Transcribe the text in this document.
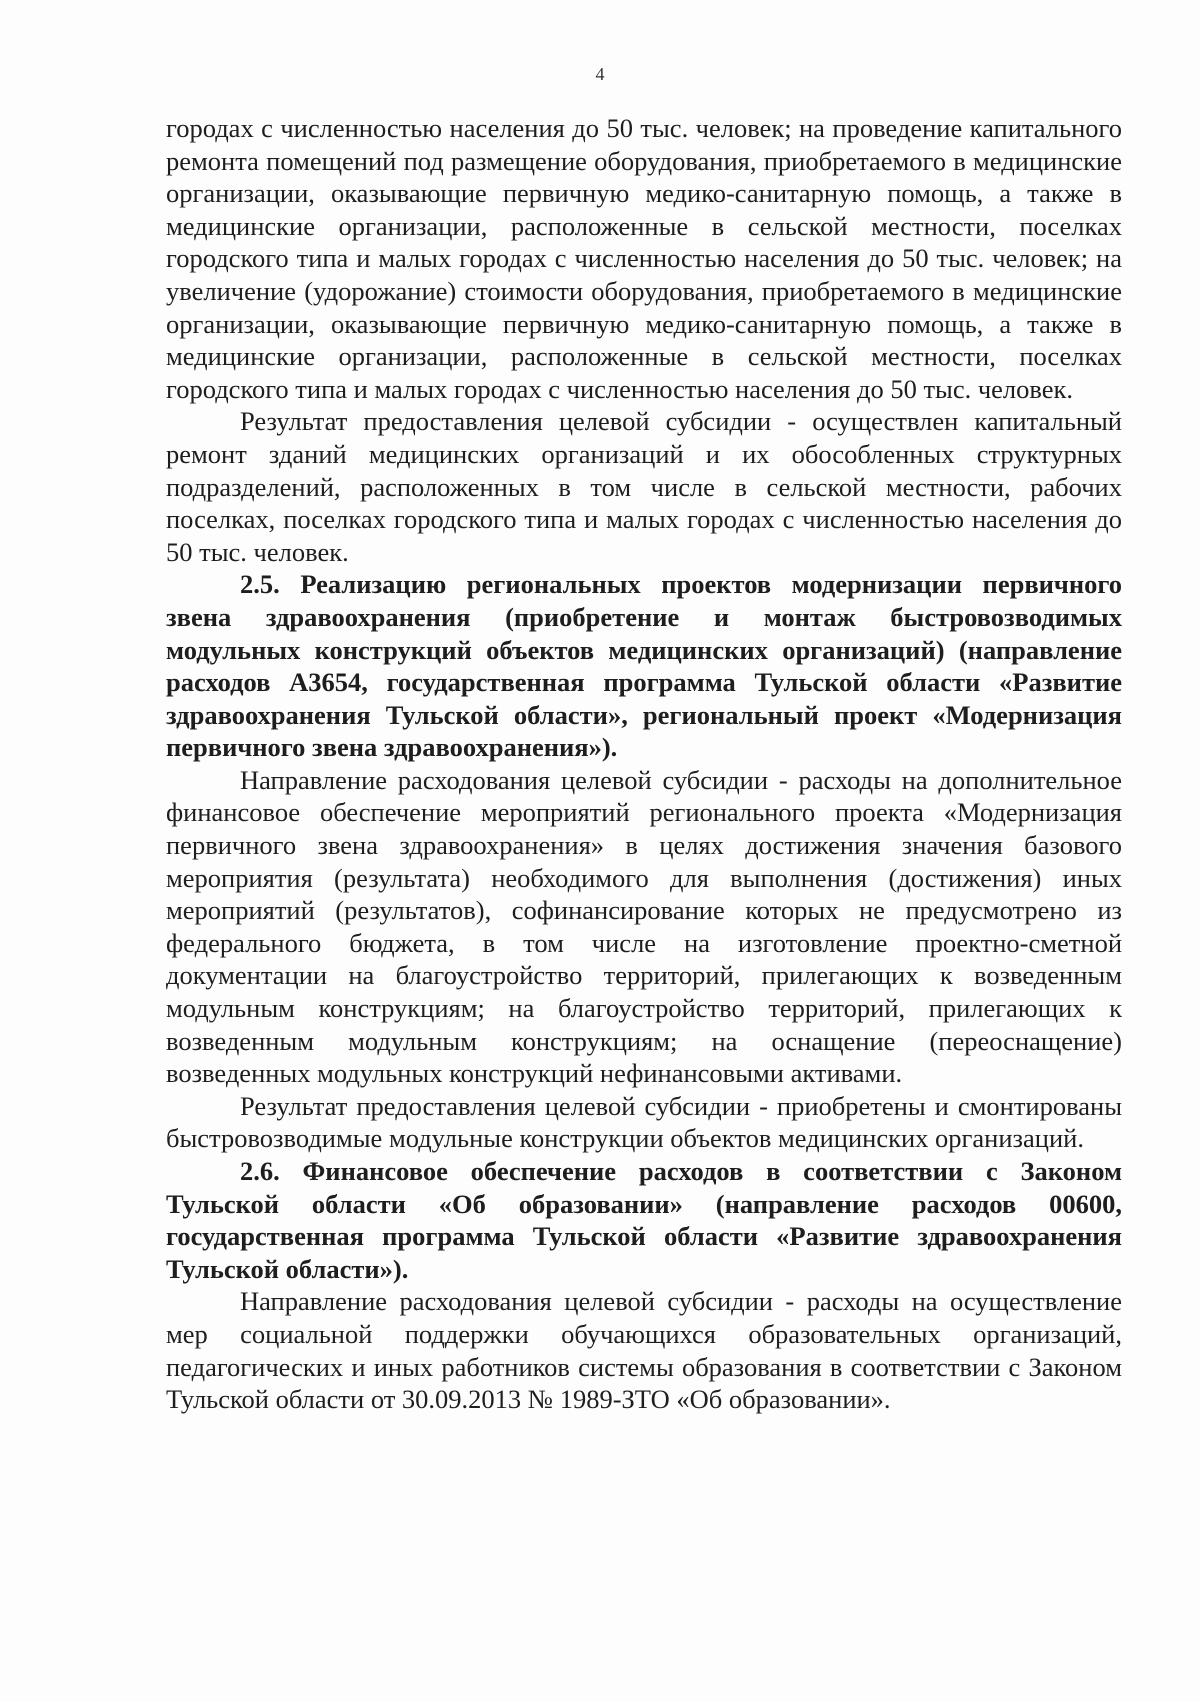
4

городах с численностью населения до 50 тыс. человек; на проведение капитального ремонта помещений под размещение оборудования, приобретаемого в медицинские организации, оказывающие первичную медико-санитарную помощь, а также в медицинские организации, расположенные в сельской местности, поселках городского типа и малых городах с численностью населения до 50 тыс. человек; на увеличение (удорожание) стоимости оборудования, приобретаемого в медицинские организации, оказывающие первичную медико-санитарную помощь, а также в медицинские организации, расположенные в сельской местности, поселках городского типа и малых городах с численностью населения до 50 тыс. человек.

Результат предоставления целевой субсидии - осуществлен капитальный ремонт зданий медицинских организаций и их обособленных структурных подразделений, расположенных в том числе в сельской местности, рабочих поселках, поселках городского типа и малых городах с численностью населения до 50 тыс. человек.

2.5. Реализацию региональных проектов модернизации первичного звена здравоохранения (приобретение и монтаж быстровозводимых модульных конструкций объектов медицинских организаций) (направление расходов А3654, государственная программа Тульской области «Развитие здравоохранения Тульской области», региональный проект «Модернизация первичного звена здравоохранения»).

Направление расходования целевой субсидии - расходы на дополнительное финансовое обеспечение мероприятий регионального проекта «Модернизация первичного звена здравоохранения» в целях достижения значения базового мероприятия (результата) необходимого для выполнения (достижения) иных мероприятий (результатов), софинансирование которых не предусмотрено из федерального бюджета, в том числе на изготовление проектно-сметной документации на благоустройство территорий, прилегающих к возведенным модульным конструкциям; на благоустройство территорий, прилегающих к возведенным модульным конструкциям; на оснащение (переоснащение) возведенных модульных конструкций нефинансовыми активами.

Результат предоставления целевой субсидии - приобретены и смонтированы быстровозводимые модульные конструкции объектов медицинских организаций.

2.6. Финансовое обеспечение расходов в соответствии с Законом Тульской области «Об образовании» (направление расходов 00600, государственная программа Тульской области «Развитие здравоохранения Тульской области»).

Направление расходования целевой субсидии - расходы на осуществление мер социальной поддержки обучающихся образовательных организаций, педагогических и иных работников системы образования в соответствии с Законом Тульской области от 30.09.2013 № 1989-ЗТО «Об образовании».
